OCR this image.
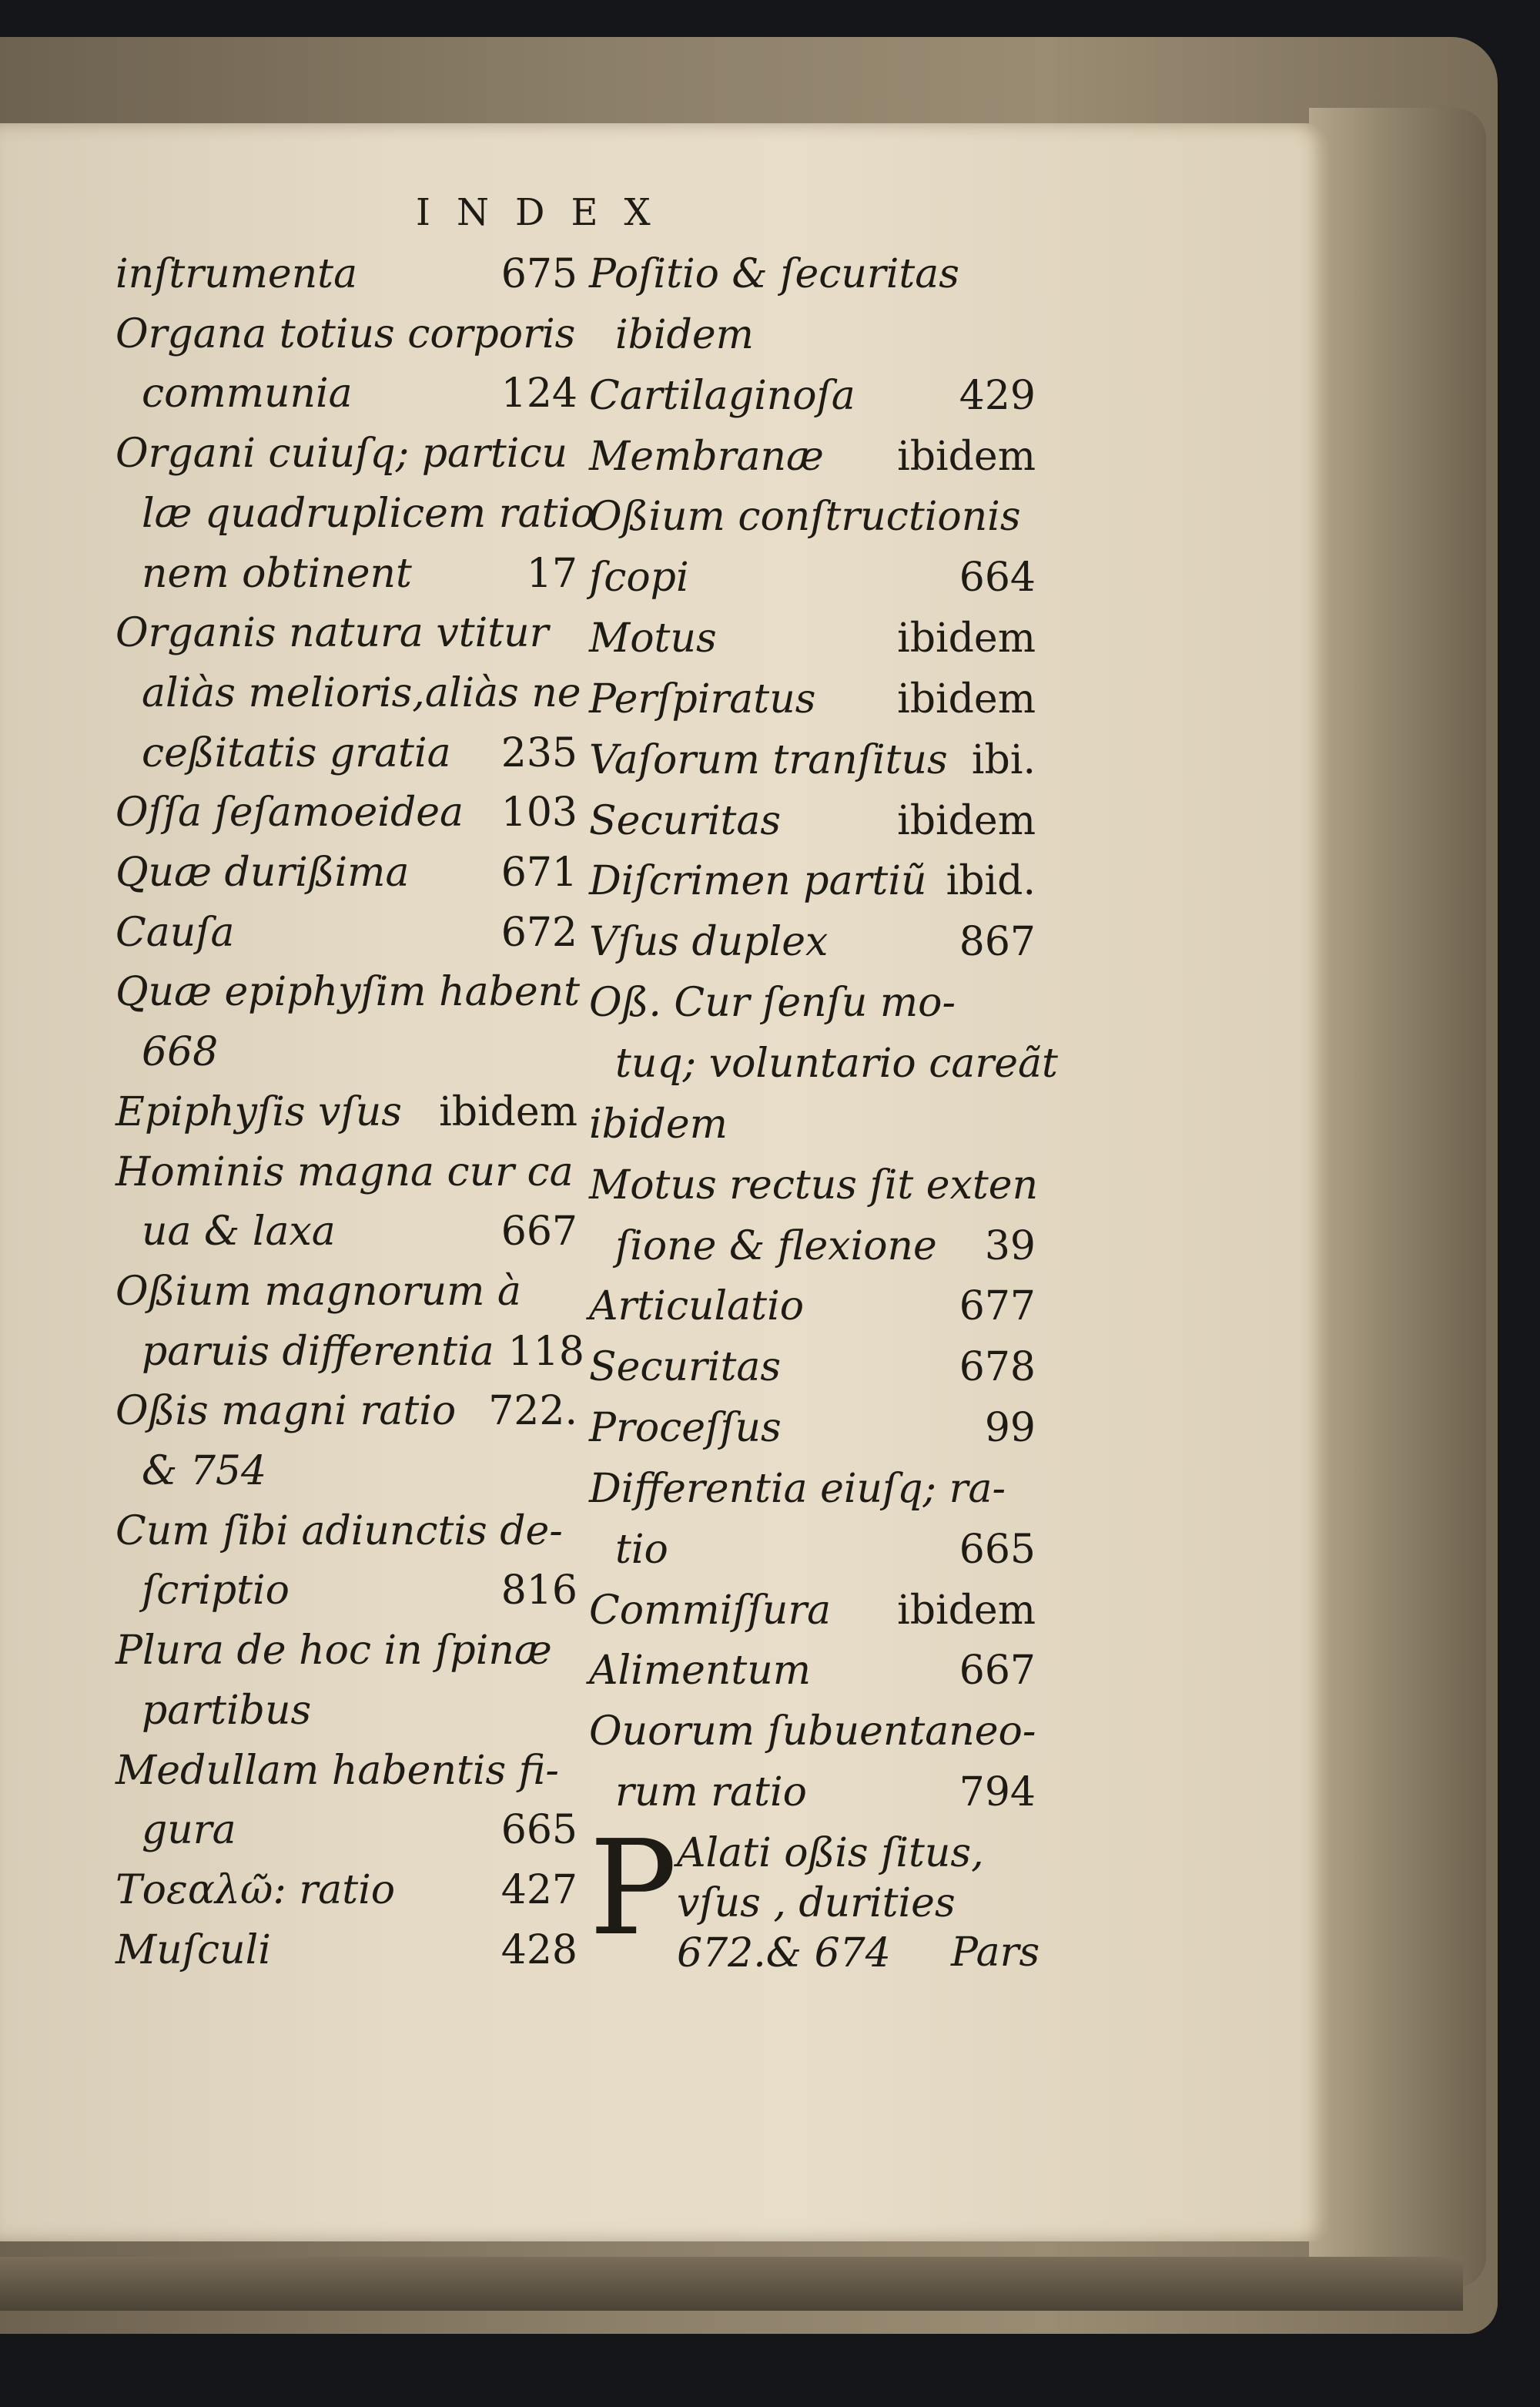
INDEX
inſtrumenta	675
Organa totius corporis
communia	124
Organi cuiuſq; particu
læ quadruplicem ratio
nem obtinent	17
Organis natura vtitur
aliàs melioris,aliàs ne
ceßitatis gratia 235
Oſſa ſeſamoeidea 103
Quæ durißima 671
Cauſa	672
Quæ epiphyſim habent
668
Epiphyſis vſus ibidem
Hominis magna cur ca
ua & laxa	667
Oßium magnorum à
paruis differentia 118
Oßis magni ratio 722.
& 754
Cum ſibi adiunctis de-
ſcriptio	816
Plura de hoc in ſpinæ
partibus
Medullam habentis fi-
gura	665
Τοεαλῶ: ratio	427
Muſculi	428
Poſitio & ſecuritas
ibidem
Cartilaginoſa	429
Membranæ ibidem
Oßium conſtructionis
ſcopi	664
Motus	ibidem
Perſpiratus ibidem
Vaſorum tranſitus ibi.
Securitas	ibidem
Diſcrimen partiũ ibid.
Vſus duplex	867
Oß. Cur ſenſu mo-
tuq; voluntario careãt
ibidem
Motus rectus ſit exten
ſione & flexione 39
Articulatio	677
Securitas	678
Proceſſus	99
Differentia eiuſq; ra-
tio	665
Commiſſura ibidem
Alimentum	667
Ouorum ſubuentaneo-
rum ratio	794
P Alati oßis ſitus,
vſus , durities
672.& 674 Pars
